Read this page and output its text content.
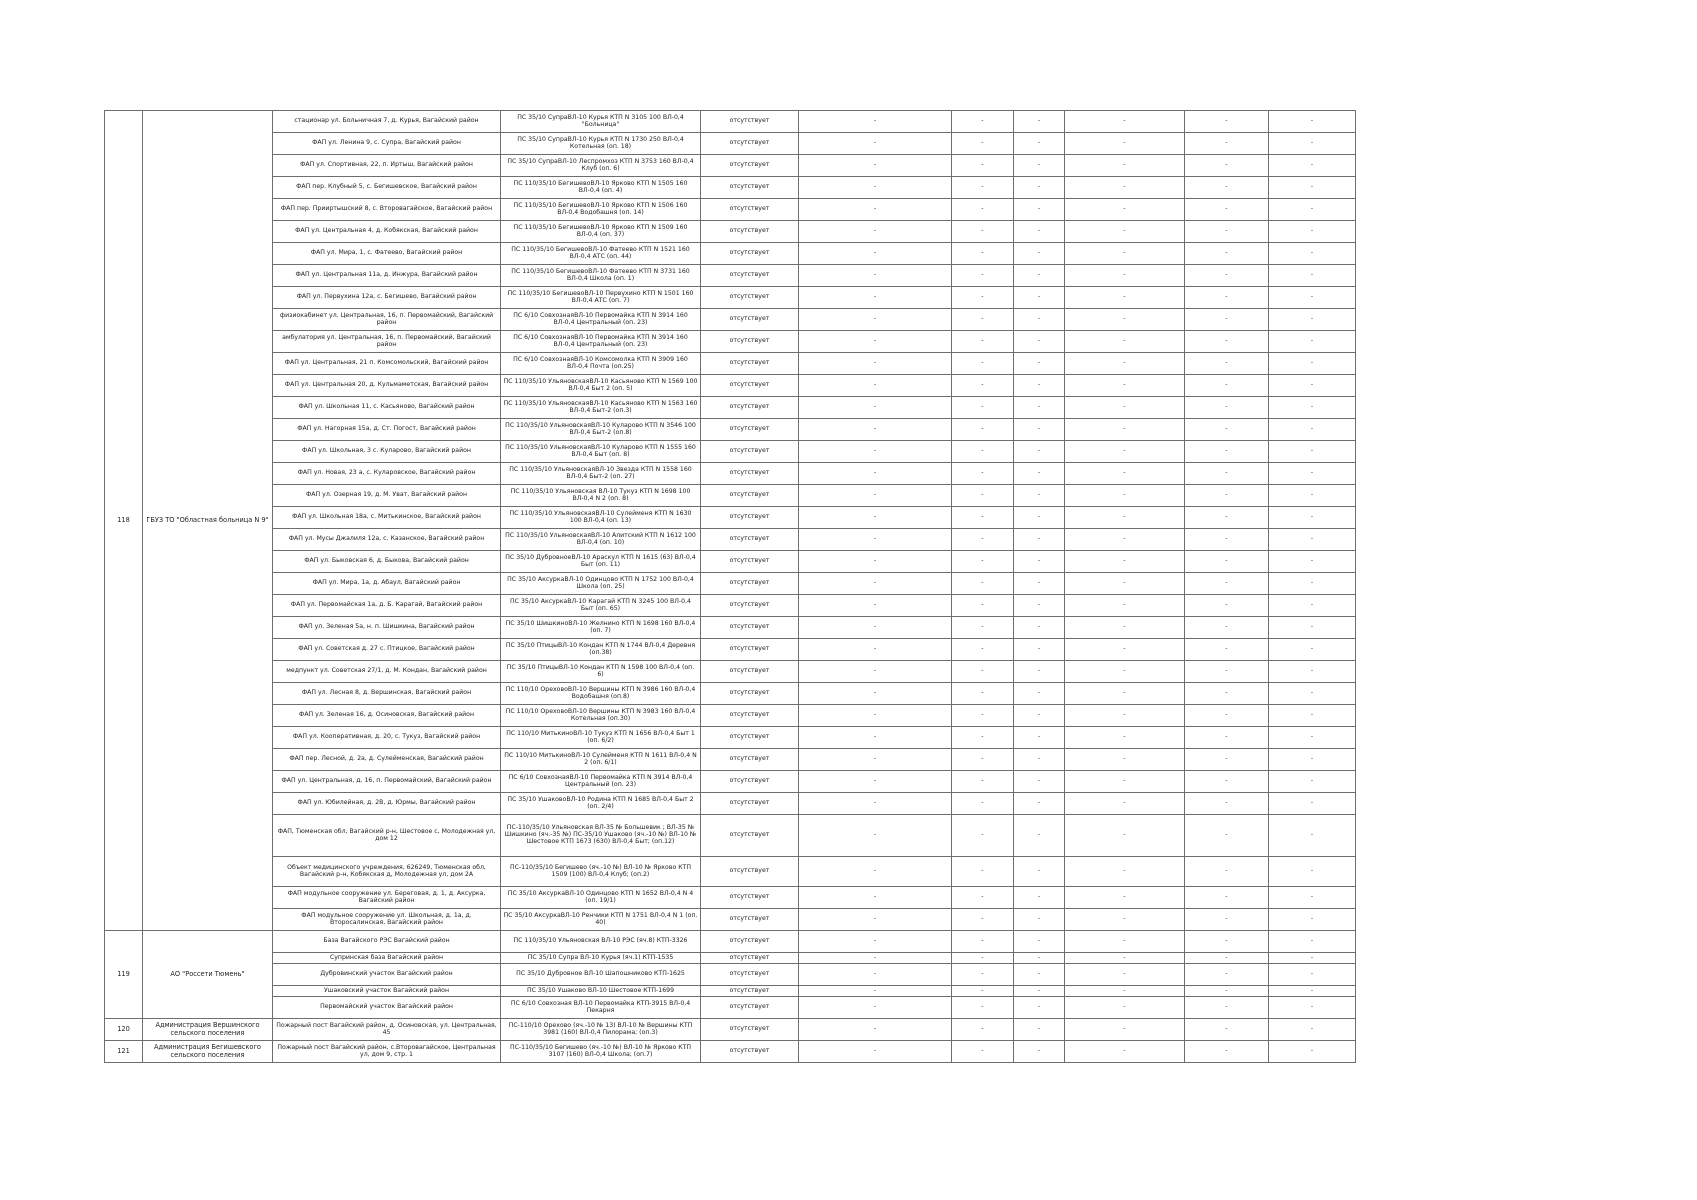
118	ГБУЗ ТО "Областная больница N 9"	стационар ул. Больничная 7, д. Курья, Вагайский район	ПС 35/10 СупраВЛ-10 Курья КТП N 3105 100 ВЛ-0,4 "Больница"	отсутствует	-	-	-	-	-	-
		ФАП ул. Ленина 9, с. Супра, Вагайский район	ПС 35/10 СупраВЛ-10 Курья КТП N 1730 250 ВЛ-0,4 Котельная (оп. 18)	отсутствует	-	-	-	-	-	-
		ФАП ул. Спортивная, 22, п. Иртыш, Вагайский район	ПС 35/10 СупраВЛ-10 Леспромхоз КТП N 3753 160 ВЛ-0,4 Клуб (оп. 6)	отсутствует	-	-	-	-	-	-
		ФАП пер. Клубный 5, с. Бегишевское, Вагайский район	ПС 110/35/10 БегишевоВЛ-10 Ярково КТП N 1505 160 ВЛ-0,4 (оп. 4)	отсутствует	-	-	-	-	-	-
		ФАП пер. Прииртышский 8, с. Второвагайское, Вагайский район	ПС 110/35/10 БегишевоВЛ-10 Ярково КТП N 1506 160 ВЛ-0,4 Водобашня (оп. 14)	отсутствует	-	-	-	-	-	-
		ФАП ул. Центральная 4, д. Кобякская, Вагайский район	ПС 110/35/10 БегишевоВЛ-10 Ярково КТП N 1509 160 ВЛ-0,4 (оп. 37)	отсутствует	-	-	-	-	-	-
		ФАП ул. Мира, 1, с. Фатеево, Вагайский район	ПС 110/35/10 БегишевоВЛ-10 Фатеево КТП N 1521 160 ВЛ-0,4 АТС (оп. 44)	отсутствует	-	-	-	-	-	-
		ФАП ул. Центральная 11а, д. Инжура, Вагайский район	ПС 110/35/10 БегишевоВЛ-10 Фатеево КТП N 3731 160 ВЛ-0,4 Школа (оп. 1)	отсутствует	-	-	-	-	-	-
		ФАП ул. Первухина 12а, с. Бегишево, Вагайский район	ПС 110/35/10 БегишевоВЛ-10 Первухино КТП N 1501 160 ВЛ-0,4 АТС (оп. 7)	отсутствует	-	-	-	-	-	-
		физиокабинет ул. Центральная, 16, п. Первомайский, Вагайский район	ПС 6/10 СовхознаяВЛ-10 Первомайка КТП N 3914 160 ВЛ-0,4 Центральный (оп. 23)	отсутствует	-	-	-	-	-	-
		амбулатория ул. Центральная, 16, п. Первомайский, Вагайский район	ПС 6/10 СовхознаяВЛ-10 Первомайка КТП N 3914 160 ВЛ-0,4 Центральный (оп. 23)	отсутствует	-	-	-	-	-	-
		ФАП ул. Центральная, 21 п. Комсомольский, Вагайский район	ПС 6/10 СовхознаяВЛ-10 Комсомолка КТП N 3909 160 ВЛ-0,4 Почта (оп.25)	отсутствует	-	-	-	-	-	-
		ФАП ул. Центральная 20, д. Кульмаметская, Вагайский район	ПС 110/35/10 УльяновскаяВЛ-10 Касьяново КТП N 1569 100 ВЛ-0,4 Быт 2 (оп. 5)	отсутствует	-	-	-	-	-	-
		ФАП ул. Школьная 11, с. Касьяново, Вагайский район	ПС 110/35/10 УльяновскаяВЛ-10 Касьяново КТП N 1563 160 ВЛ-0,4 Быт-2 (оп.3)	отсутствует	-	-	-	-	-	-
		ФАП ул. Нагорная 15а, д. Ст. Погост, Вагайский район	ПС 110/35/10 УльяновскаяВЛ-10 Куларово КТП N 3546 100 ВЛ-0,4 Быт-2 (оп.8)	отсутствует	-	-	-	-	-	-
		ФАП ул. Школьная, 3 с. Куларово, Вагайский район	ПС 110/35/10 УльяновскаяВЛ-10 Куларово КТП N 1555 160 ВЛ-0,4 Быт (оп. 8)	отсутствует	-	-	-	-	-	-
		ФАП ул. Новая, 23 а, с. Куларовское, Вагайский район	ПС 110/35/10 УльяновскаяВЛ-10 Звезда КТП N 1558 160 ВЛ-0,4 Быт-2 (оп. 27)	отсутствует	-	-	-	-	-	-
		ФАП ул. Озерная 19, д. М. Уват, Вагайский район	ПС 110/35/10 Ульяновская ВЛ-10 Тукуз КТП N 1698 100 ВЛ-0,4 N 2 (оп. 8)	отсутствует	-	-	-	-	-	-
		ФАП ул. Школьная 18а, с. Митькинское, Вагайский район	ПС 110/35/10 УльяновскаяВЛ-10 Сулейменя КТП N 1630 100 ВЛ-0,4 (оп. 13)	отсутствует	-	-	-	-	-	-
		ФАП ул. Мусы Джалиля 12а, с. Казанское, Вагайский район	ПС 110/35/10 УльяновскаяВЛ-10 Алитский КТП N 1612 100 ВЛ-0,4 (оп. 10)	отсутствует	-	-	-	-	-	-
		ФАП ул. Быковская 6, д. Быкова, Вагайский район	ПС 35/10 ДубровноеВЛ-10 Араскул КТП N 1615 (63) ВЛ-0,4 Быт (оп. 11)	отсутствует	-	-	-	-	-	-
		ФАП ул. Мира, 1а, д. Абаул, Вагайский район	ПС 35/10 АксуркаВЛ-10 Одинцово КТП N 1752 100 ВЛ-0,4 Школа (оп. 25)	отсутствует	-	-	-	-	-	-
		ФАП ул. Первомайская 1а, д. Б. Карагай, Вагайский район	ПС 35/10 АксуркаВЛ-10 Карагай КТП N 3245 100 ВЛ-0,4 Быт (оп. 65)	отсутствует	-	-	-	-	-	-
		ФАП ул. Зеленая 5а, н. п. Шишкина, Вагайский район	ПС 35/10 ШишкиноВЛ-10 Желнино КТП N 1698 160 ВЛ-0,4 (оп. 7)	отсутствует	-	-	-	-	-	-
		ФАП ул. Советская д. 27 с. Птицкое, Вагайский район	ПС 35/10 ПтицыВЛ-10 Кондан КТП N 1744 ВЛ-0,4 Деревня (оп.38)	отсутствует	-	-	-	-	-	-
		медпункт ул. Советская 27/1, д. М. Кондан, Вагайский район	ПС 35/10 ПтицыВЛ-10 Кондан КТП N 1598 100 ВЛ-0,4 (оп. 6)	отсутствует	-	-	-	-	-	-
		ФАП ул. Лесная 8, д. Вершинская, Вагайский район	ПС 110/10 ОреховоВЛ-10 Вершины КТП N 3986 160 ВЛ-0,4 Водобашня (оп.8)	отсутствует	-	-	-	-	-	-
		ФАП ул. Зеленая 16, д. Осиновская, Вагайский район	ПС 110/10 ОреховоВЛ-10 Вершины КТП N 3983 160 ВЛ-0,4 Котельная (оп.30)	отсутствует	-	-	-	-	-	-
		ФАП ул. Кооперативная, д. 20, с. Тукуз, Вагайский район	ПС 110/10 МитькиноВЛ-10 Тукуз КТП N 1656 ВЛ-0,4 Быт 1 (оп. 6/2)	отсутствует	-	-	-	-	-	-
		ФАП пер. Лесной, д. 2а, д. Сулейменская, Вагайский район	ПС 110/10 МитькиноВЛ-10 Сулейменя КТП N 1611 ВЛ-0,4 N 2 (оп. 6/1)	отсутствует	-	-	-	-	-	-
		ФАП ул. Центральная, д. 16, п. Первомайский, Вагайский район	ПС 6/10 СовхознаяВЛ-10 Первомайка КТП N 3914 ВЛ-0,4 Центральный (оп. 23)	отсутствует	-	-	-	-	-	-
		ФАП ул. Юбилейная, д. 2В, д. Юрмы, Вагайский район	ПС 35/10 УшаковоВЛ-10 Родина КТП N 1685 ВЛ-0,4 Быт 2 (оп. 2/4)	отсутствует	-	-	-	-	-	-
		ФАП, Тюменская обл, Вагайский р-н, Шестовое с, Молодежная ул, дом 12	ПС-110/35/10 Ульяновская ВЛ-35 № Большевик ; ВЛ-35 № Шишкино (яч.-35 №) ПС-35/10 Ушаково (яч.-10 №) ВЛ-10 № Шестовое КТП 1673 (630) ВЛ-0,4 Быт; (оп.12)	отсутствует	-	-	-	-	-	-
		Объект медицинского учреждения, 626249, Тюменская обл, Вагайский р-н, Кобякская д, Молодежная ул, дом 2А	ПС-110/35/10 Бегишево (яч.-10 №) ВЛ-10 № Ярково КТП 1509 (100) ВЛ-0,4 Клуб; (оп.2)	отсутствует	-	-	-	-	-	-
		ФАП модульное сооружение ул. Береговая, д. 1, д. Аксурка, Вагайский район	ПС 35/10 АксуркаВЛ-10 Одинцово КТП N 1652 ВЛ-0,4 N 4 (оп. 19/1)	отсутствует	-	-	-	-	-	-
		ФАП модульное сооружение ул. Школьная, д. 1а, д. Второсалинская, Вагайский район	ПС 35/10 АксуркаВЛ-10 Ренчики КТП N 1751 ВЛ-0,4 N 1 (оп. 40)	отсутствует	-	-	-	-	-	-
119	АО "Россети Тюмень"	База Вагайского РЭС Вагайский район	ПС 110/35/10 Ульяновская ВЛ-10 РЭС (яч.8) КТП-3326	отсутствует	-	-	-	-	-	-
		Супринская база Вагайский район	ПС 35/10 Супра ВЛ-10 Курья (яч.1) КТП-1535	отсутствует	-	-	-	-	-	-
		Дубровинский участок Вагайский район	ПС 35/10 Дубровное ВЛ-10 Шапошниково КТП-1625	отсутствует	-	-	-	-	-	-
		Ушаковский участок Вагайский район	ПС 35/10 Ушаково ВЛ-10 Шестовое КТП-1699	отсутствует	-	-	-	-	-	-
		Первомайский участок Вагайский район	ПС 6/10 Совхозная ВЛ-10 Первомайка КТП-3915 ВЛ-0,4 Пекарня	отсутствует	-	-	-	-	-	-
120	Администрация Вершинского сельского поселения	Пожарный пост Вагайский район, д. Осиновская, ул. Центральная, 45	ПС-110/10 Орехово (яч.-10 № 13) ВЛ-10 № Вершины КТП 3981 (160) ВЛ-0,4 Пилорама; (оп.3)	отсутствует	-	-	-	-	-	-
121	Администрация Бегишевского сельского поселения	Пожарный пост Вагайский район, с.Второвагайское, Центральная ул, дом 9, стр. 1	ПС-110/35/10 Бегишево (яч.-10 №) ВЛ-10 № Ярково КТП 3107 (160) ВЛ-0,4 Школа; (оп.7)	отсутствует	-	-	-	-	-	-
